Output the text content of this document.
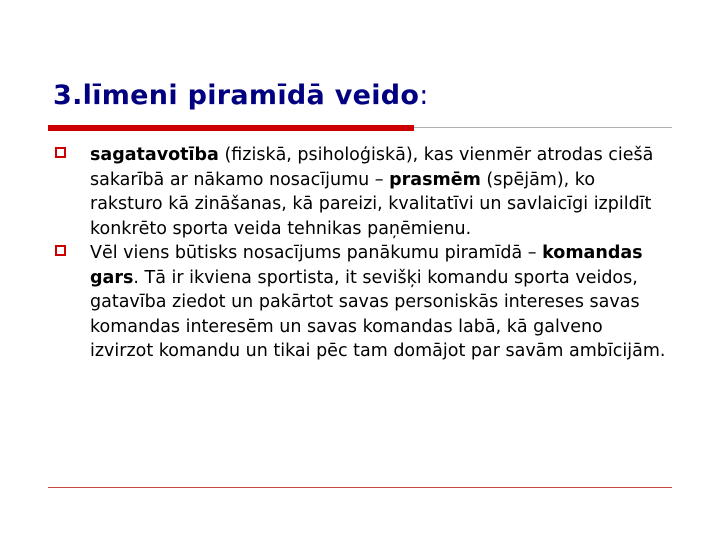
3.līmeni piramīdā veido:
sagatavotība (fiziskā, psiholoģiskā), kas vienmēr atrodas ciešā sakarībā ar nākamo nosacījumu – prasmēm (spējām), ko raksturo kā zināšanas, kā pareizi, kvalitatīvi un savlaicīgi izpildīt konkrēto sporta veida tehnikas paņēmienu.
Vēl viens būtisks nosacījums panākumu piramīdā – komandas gars. Tā ir ikviena sportista, it sevišķi komandu sporta veidos, gatavība ziedot un pakārtot savas personiskās intereses savas komandas interesēm un savas komandas labā, kā galveno izvirzot komandu un tikai pēc tam domājot par savām ambīcijām.
